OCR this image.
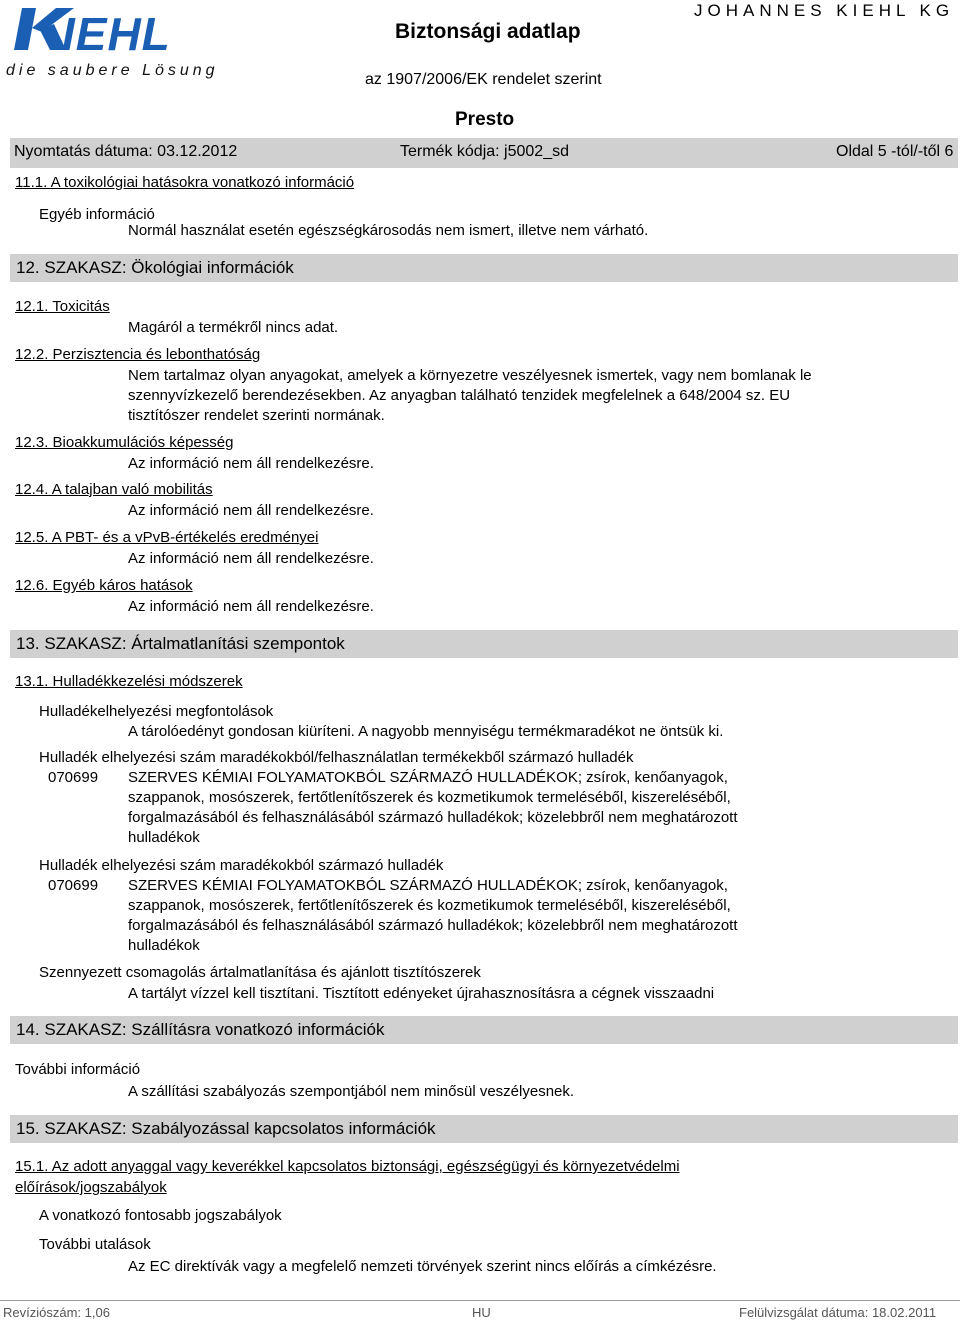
IEHL
die saubere Lösung
Biztonsági adatlap
JOHANNES KIEHL KG
az 1907/2006/EK rendelet szerint
Presto
Nyomtatás dátuma: 03.12.2012	Termék kódja: j5002_sd	Oldal 5 -tól/-től 6
11.1. A toxikológiai hatásokra vonatkozó információ
Egyéb információ
Normál használat esetén egészségkárosodás nem ismert, illetve nem várható.
12. SZAKASZ: Ökológiai információk
12.1. Toxicitás
Magáról a termékről nincs adat.
12.2. Perzisztencia és lebonthatóság
Nem tartalmaz olyan anyagokat, amelyek a környezetre veszélyesnek ismertek, vagy nem bomlanak le
szennyvízkezelő berendezésekben. Az anyagban található tenzidek megfelelnek a 648/2004 sz. EU
tisztítószer rendelet szerinti normának.
12.3. Bioakkumulációs képesség
Az információ nem áll rendelkezésre.
12.4. A talajban való mobilitás
Az információ nem áll rendelkezésre.
12.5. A PBT- és a vPvB-értékelés eredményei
Az információ nem áll rendelkezésre.
12.6. Egyéb káros hatások
Az információ nem áll rendelkezésre.
13. SZAKASZ: Ártalmatlanítási szempontok
13.1. Hulladékkezelési módszerek
Hulladékelhelyezési megfontolások
A tárolóedényt gondosan kiüríteni. A nagyobb mennyiségu termékmaradékot ne öntsük ki.
Hulladék elhelyezési szám maradékokból/felhasználatlan termékekből származó hulladék
070699 SZERVES KÉMIAI FOLYAMATOKBÓL SZÁRMAZÓ HULLADÉKOK; zsírok, kenőanyagok,
szappanok, mosószerek, fertőtlenítőszerek és kozmetikumok termeléséből, kiszereléséből,
forgalmazásából és felhasználásából származó hulladékok; közelebbről nem meghatározott
hulladékok
Hulladék elhelyezési szám maradékokból származó hulladék
070699 SZERVES KÉMIAI FOLYAMATOKBÓL SZÁRMAZÓ HULLADÉKOK; zsírok, kenőanyagok,
szappanok, mosószerek, fertőtlenítőszerek és kozmetikumok termeléséből, kiszereléséből,
forgalmazásából és felhasználásából származó hulladékok; közelebbről nem meghatározott
hulladékok
Szennyezett csomagolás ártalmatlanítása és ajánlott tisztítószerek
A tartályt vízzel kell tisztítani. Tisztított edényeket újrahasznosításra a cégnek visszaadni
14. SZAKASZ: Szállításra vonatkozó információk
További információ
A szállítási szabályozás szempontjából nem minősül veszélyesnek.
15. SZAKASZ: Szabályozással kapcsolatos információk
15.1. Az adott anyaggal vagy keverékkel kapcsolatos biztonsági, egészségügyi és környezetvédelmi
előírások/jogszabályok
A vonatkozó fontosabb jogszabályok
További utalások
Az EC direktívák vagy a megfelelő nemzeti törvények szerint nincs előírás a címkézésre.
Revíziószám: 1,06	HU	Felülvizsgálat dátuma: 18.02.2011
